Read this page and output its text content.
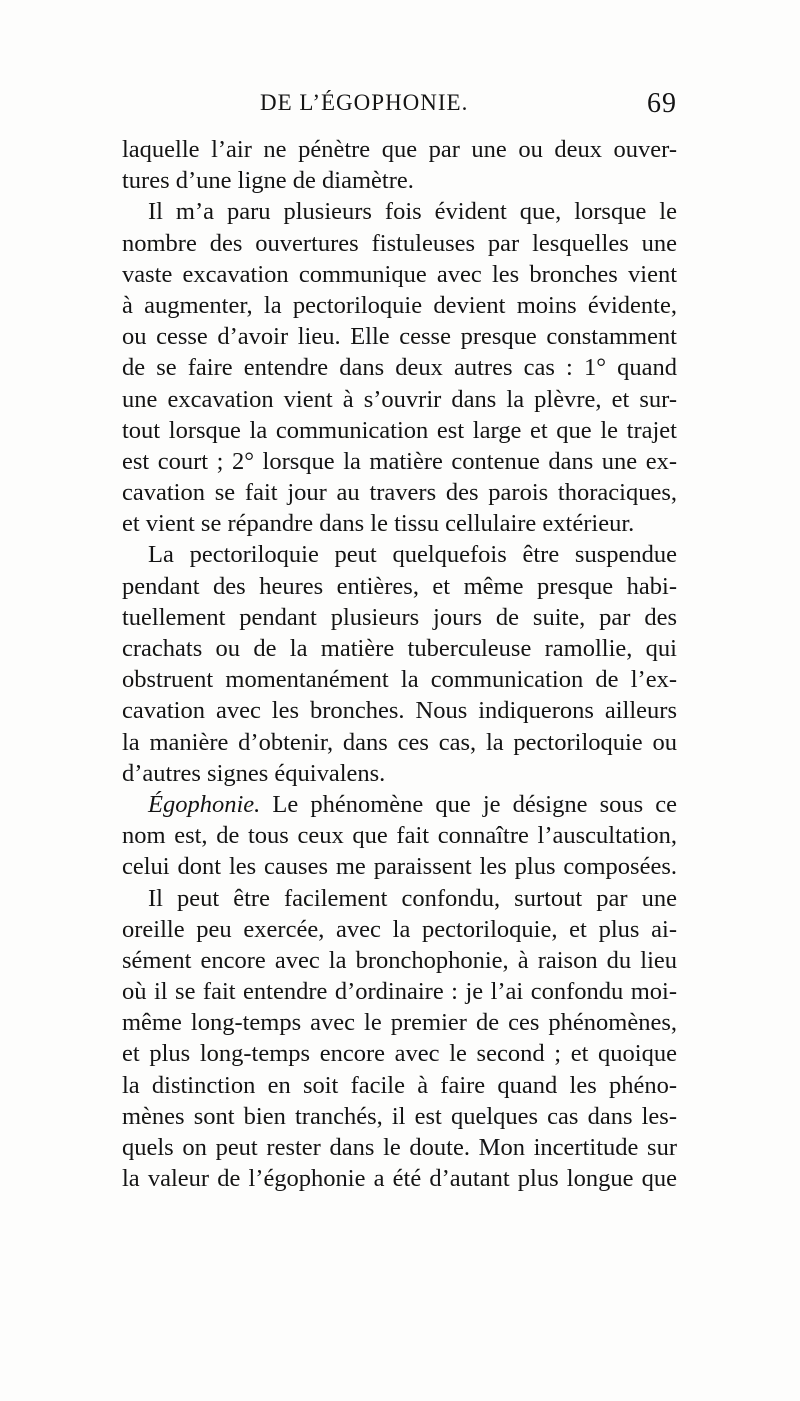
DE L’ÉGOPHONIE.	69
laquelle l’air ne pénètre que par une ou deux ouver-
tures d’une ligne de diamètre.
Il m’a paru plusieurs fois évident que, lorsque le
nombre des ouvertures fistuleuses par lesquelles une
vaste excavation communique avec les bronches vient
à augmenter, la pectoriloquie devient moins évidente,
ou cesse d’avoir lieu. Elle cesse presque constamment
de se faire entendre dans deux autres cas : 1° quand
une excavation vient à s’ouvrir dans la plèvre, et sur-
tout lorsque la communication est large et que le trajet
est court ; 2° lorsque la matière contenue dans une ex-
cavation se fait jour au travers des parois thoraciques,
et vient se répandre dans le tissu cellulaire extérieur.
La pectoriloquie peut quelquefois être suspendue
pendant des heures entières, et même presque habi-
tuellement pendant plusieurs jours de suite, par des
crachats ou de la matière tuberculeuse ramollie, qui
obstruent momentanément la communication de l’ex-
cavation avec les bronches. Nous indiquerons ailleurs
la manière d’obtenir, dans ces cas, la pectoriloquie ou
d’autres signes équivalens.
Égophonie. Le phénomène que je désigne sous ce
nom est, de tous ceux que fait connaître l’auscultation,
celui dont les causes me paraissent les plus composées.
Il peut être facilement confondu, surtout par une
oreille peu exercée, avec la pectoriloquie, et plus ai-
sément encore avec la bronchophonie, à raison du lieu
où il se fait entendre d’ordinaire : je l’ai confondu moi-
même long-temps avec le premier de ces phénomènes,
et plus long-temps encore avec le second ; et quoique
la distinction en soit facile à faire quand les phéno-
mènes sont bien tranchés, il est quelques cas dans les-
quels on peut rester dans le doute. Mon incertitude sur
la valeur de l’égophonie a été d’autant plus longue que
